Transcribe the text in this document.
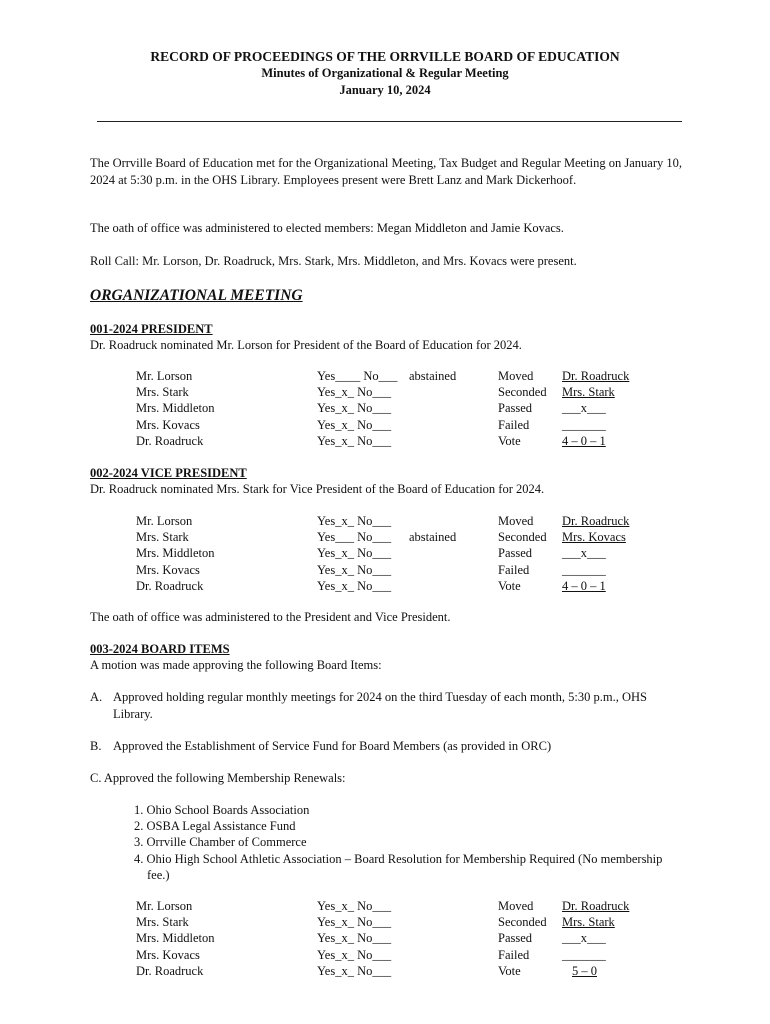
RECORD OF PROCEEDINGS OF THE ORRVILLE BOARD OF EDUCATION
Minutes of Organizational & Regular Meeting
January 10, 2024
The Orrville Board of Education met for the Organizational Meeting, Tax Budget and Regular Meeting on January 10, 2024 at 5:30 p.m. in the OHS Library. Employees present were Brett Lanz and Mark Dickerhoof.
The oath of office was administered to elected members: Megan Middleton and Jamie Kovacs.
Roll Call: Mr. Lorson, Dr. Roadruck, Mrs. Stark, Mrs. Middleton, and Mrs. Kovacs were present.
ORGANIZATIONAL MEETING
001-2024 PRESIDENT
Dr. Roadruck nominated Mr. Lorson for President of the Board of Education for 2024.
Mr. Lorson	Yes____ No___ abstained	Moved Dr. Roadruck
Mrs. Stark	Yes_x_ No___	Seconded Mrs. Stark
Mrs. Middleton	Yes_x_ No___	Passed ___x___
Mrs. Kovacs	Yes_x_ No___	Failed	_______
Dr. Roadruck	Yes_x_ No___	Vote	4 – 0 – 1
002-2024 VICE PRESIDENT
Dr. Roadruck nominated Mrs. Stark for Vice President of the Board of Education for 2024.
Mr. Lorson	Yes_x_ No___	Moved Dr. Roadruck
Mrs. Stark	Yes___ No___ abstained	Seconded Mrs. Kovacs
Mrs. Middleton	Yes_x_ No___	Passed ___x___
Mrs. Kovacs	Yes_x_ No___	Failed	_______
Dr. Roadruck	Yes_x_ No___	Vote	4 – 0 – 1
The oath of office was administered to the President and Vice President.
003-2024 BOARD ITEMS
A motion was made approving the following Board Items:
A. Approved holding regular monthly meetings for 2024 on the third Tuesday of each month, 5:30 p.m., OHS Library.
B. Approved the Establishment of Service Fund for Board Members (as provided in ORC)
C. Approved the following Membership Renewals:
1. Ohio School Boards Association
2. OSBA Legal Assistance Fund
3. Orrville Chamber of Commerce
4. Ohio High School Athletic Association – Board Resolution for Membership Required (No membership fee.)
Mr. Lorson	Yes_x_ No___	Moved Dr. Roadruck
Mrs. Stark	Yes_x_ No___	Seconded Mrs. Stark
Mrs. Middleton	Yes_x_ No___	Passed ___x___
Mrs. Kovacs	Yes_x_ No___	Failed	_______
Dr. Roadruck	Yes_x_ No___	Vote	5 – 0
